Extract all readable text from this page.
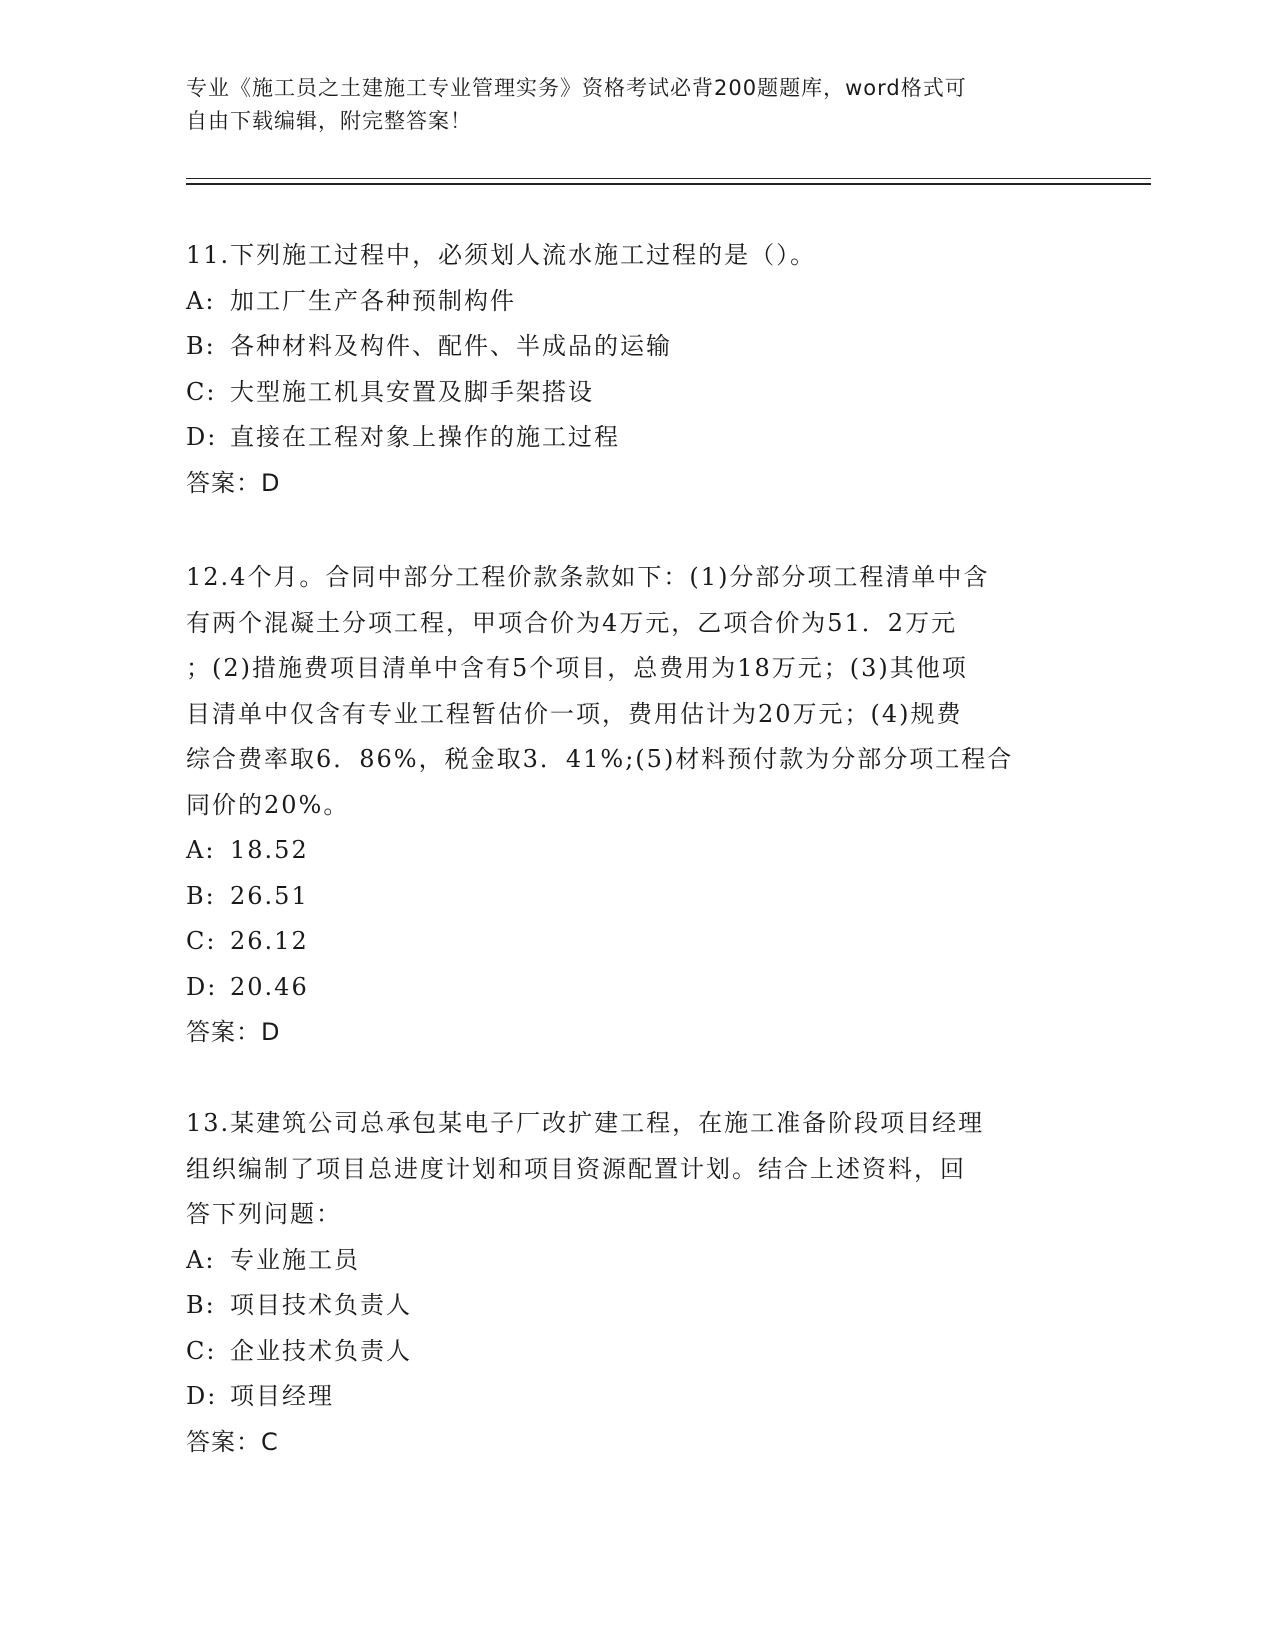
专业《施工员之土建施工专业管理实务》资格考试必背200题题库，word格式可
自由下载编辑，附完整答案！

11.下列施工过程中，必须划人流水施工过程的是（）。

A: 加工厂生产各种预制构件

B: 各种材料及构件、配件、半成品的运输

C: 大型施工机具安置及脚手架搭设

D: 直接在工程对象上操作的施工过程

答案：D

12.4个月。合同中部分工程价款条款如下：(1)分部分项工程清单中含

有两个混凝土分项工程，甲项合价为4万元，乙项合价为51．2万元

；(2)措施费项目清单中含有5个项目，总费用为18万元；(3)其他项

目清单中仅含有专业工程暂估价一项，费用估计为20万元；(4)规费

综合费率取6．86%，税金取3．41%;(5)材料预付款为分部分项工程合

同价的20%。

A: 18.52

B: 26.51

C: 26.12

D: 20.46

答案：D

13.某建筑公司总承包某电子厂改扩建工程，在施工准备阶段项目经理

组织编制了项目总进度计划和项目资源配置计划。结合上述资料，回

答下列问题：

A: 专业施工员

B: 项目技术负责人

C: 企业技术负责人

D: 项目经理

答案：C
